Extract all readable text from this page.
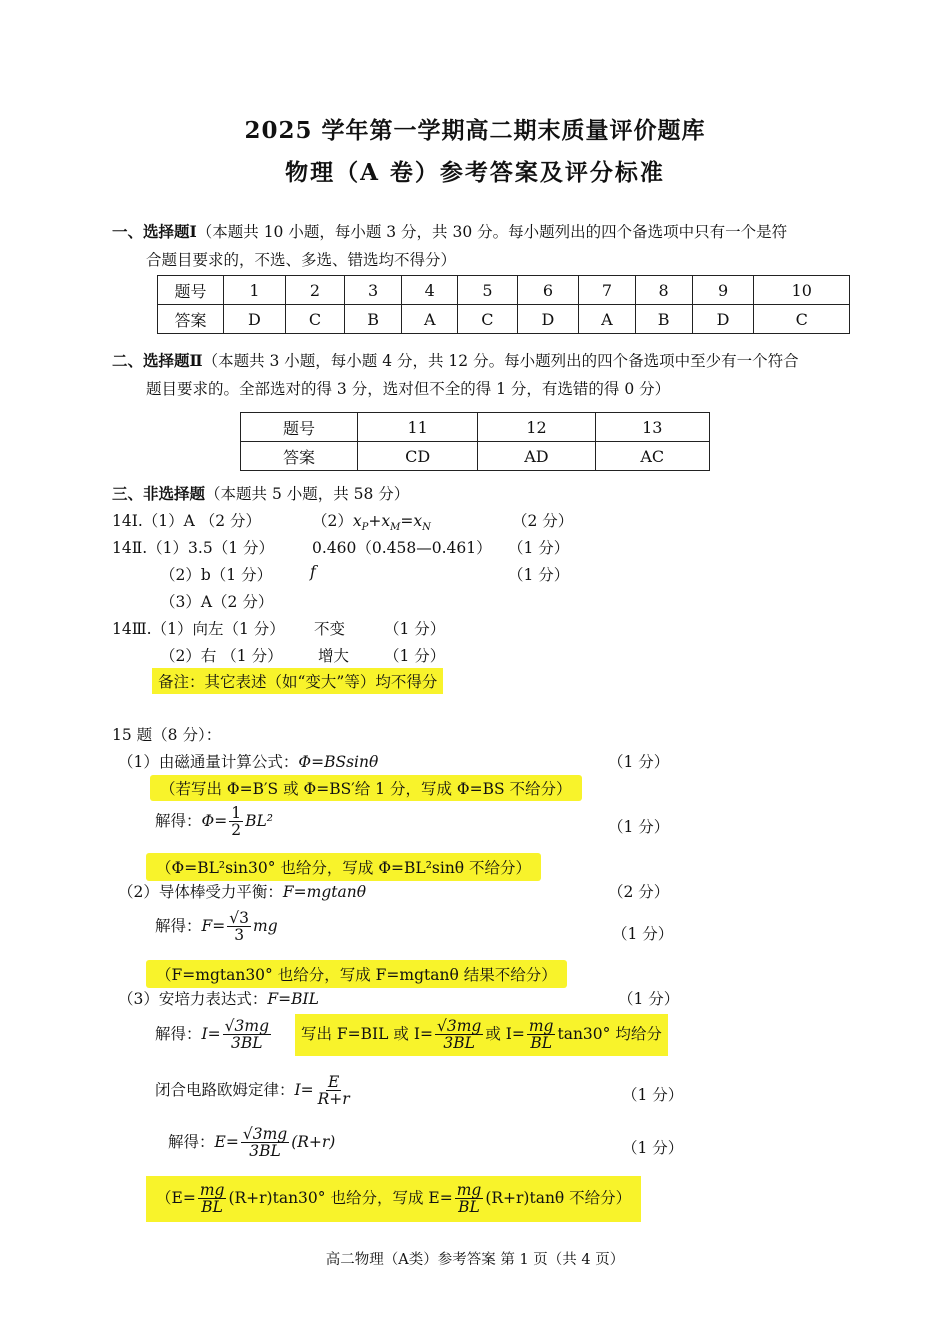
2025 学年第一学期高二期末质量评价题库
物理（A 卷）参考答案及评分标准
一、选择题Ⅰ（本题共 10 小题，每小题 3 分，共 30 分。每小题列出的四个备选项中只有一个是符
合题目要求的，不选、多选、错选均不得分）
题号	1	2	3	4	5	6	7	8	9	10
答案	D	C	B	A	C	D	A	B	D	C
二、选择题Ⅱ（本题共 3 小题，每小题 4 分，共 12 分。每小题列出的四个备选项中至少有一个符合
题目要求的。全部选对的得 3 分，选对但不全的得 1 分，有选错的得 0 分）
题号	11	12	13
答案	CD	AD	AC
三、非选择题（本题共 5 小题，共 58 分）
14Ⅰ.（1）A （2 分）	$(2)x_P+x_M=x_N$	（2 分）
14Ⅱ.（1）3.5（1 分） 0.460（0.458—0.461） （1 分）
（2）b（1 分） f	（1 分）
（3）A（2 分）
14Ⅲ.（1）向左（1 分） 不变	（1 分）
（2）右 （1 分） 增大 （1 分）
备注：其它表述（如“变大”等）均不得分
15 题（8 分）：
（1）由磁通量计算公式：Φ=BSsinθ	（1 分）
（若写出 Φ=B′S 或 Φ=BS′给 1 分，写成 Φ=BS 不给分）
解得：$\Phi= \frac{1}{2} BL^2$	（1 分）
（Φ=BL²sin30° 也给分，写成 Φ=BL²sinθ 不给分）
（2）导体棒受力平衡：F=mgtanθ	（2 分）
解得：$F= \frac{√3}{3}$ mg	（1 分）
（F=mgtan30° 也给分，写成 F=mgtanθ 结果不给分）
（3）安培力表达式：F=BIL	（1 分）
解得：$I= \frac{√3mg}{3BL}$	写出 F=BIL 或 $I= \frac{√3mg}{3BL}$ 或 $I= \frac{mg}{BL} \tan 30^\circ$ 均给分
闭合电路欧姆定律：$I= \frac{E}{R+r}$	（1 分）
解得：$E= \frac{√3mg}{3BL} (R+r)$	（1 分）
（$E= \frac{mg}{BL} (R+r)\tan 30^\circ$ 也给分，写成 $E= \frac{mg}{BL} (R+r)\tan\theta$ 不给分）
高二物理（A类）参考答案 第 1 页（共 4 页）
